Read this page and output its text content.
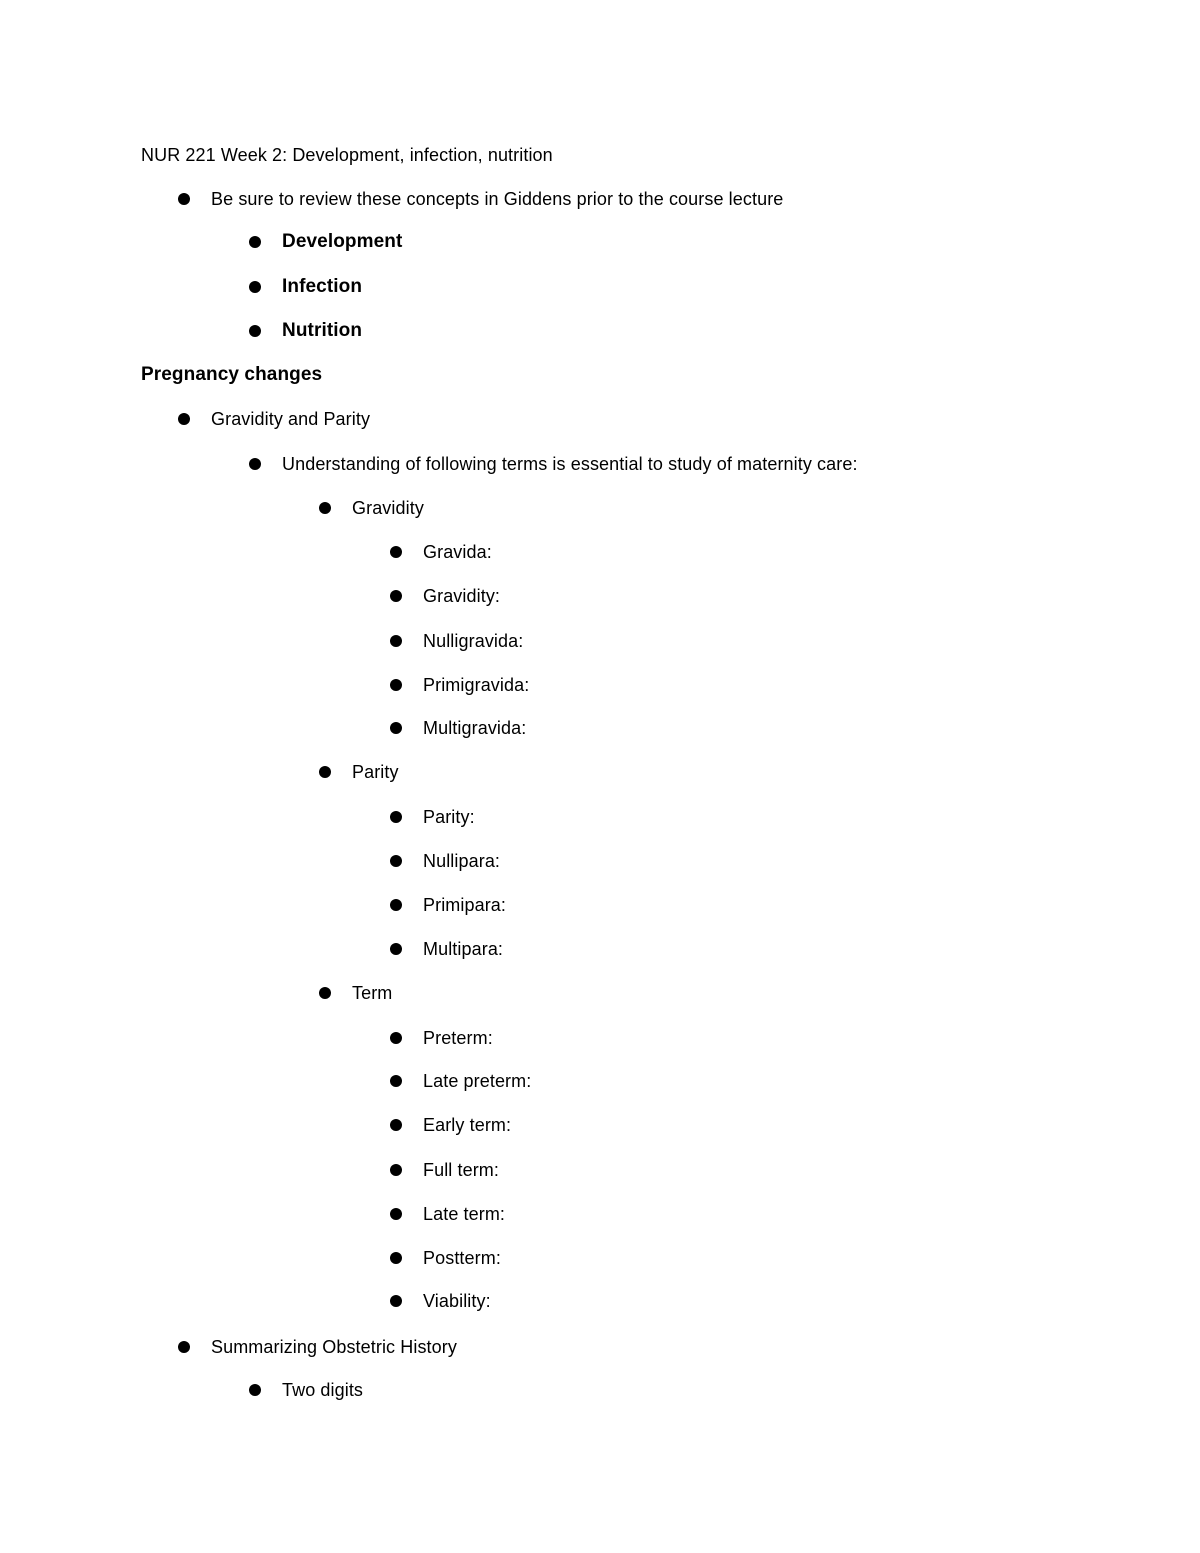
NUR 221 Week 2: Development, infection, nutrition
Be sure to review these concepts in Giddens prior to the course lecture
Development
Infection
Nutrition
Pregnancy changes
Gravidity and Parity
Understanding of following terms is essential to study of maternity care:
Gravidity
Gravida:
Gravidity:
Nulligravida:
Primigravida:
Multigravida:
Parity
Parity:
Nullipara:
Primipara:
Multipara:
Term
Preterm:
Late preterm:
Early term:
Full term:
Late term:
Postterm:
Viability:
Summarizing Obstetric History
Two digits
